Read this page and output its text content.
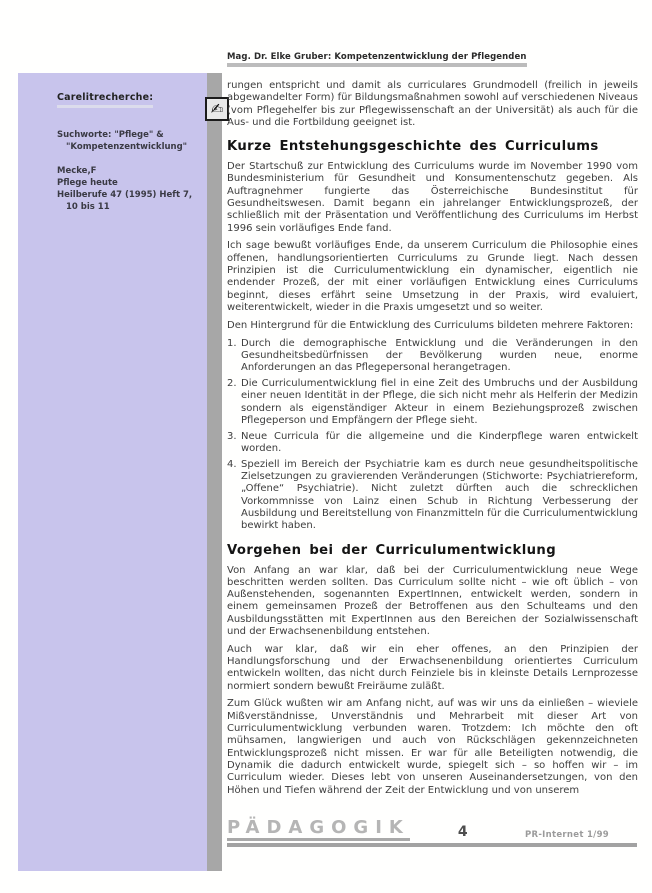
Carelitrecherche:
Suchworte: "Pflege" &
"Kompetenzentwicklung"
Mecke,F
Pflege heute
Heilberufe 47 (1995) Heft 7, 10 bis 11
✍
Mag. Dr. Elke Gruber: Kompetenzentwicklung der Pflegenden

rungen entspricht und damit als curriculares Grundmodell (freilich in jeweils abgewandelter Form) für Bildungsmaßnahmen sowohl auf verschiedenen Niveaus (vom Pflegehelfer bis zur Pflegewissenschaft an der Universität) als auch für die Aus- und die Fortbildung geeignet ist.

Kurze Entstehungsgeschichte des Curriculums

Der Startschuß zur Entwicklung des Curriculums wurde im November 1990 vom Bundesministerium für Gesundheit und Konsumentenschutz gegeben. Als Auftragnehmer fungierte das Österreichische Bundesinstitut für Gesundheitswesen. Damit begann ein jahrelanger Entwicklungsprozeß, der schließlich mit der Präsentation und Veröffentlichung des Curriculums im Herbst 1996 sein vorläufiges Ende fand.

Ich sage bewußt vorläufiges Ende, da unserem Curriculum die Philosophie eines offenen, handlungsorientierten Curriculums zu Grunde liegt. Nach dessen Prinzipien ist die Curriculumentwicklung ein dynamischer, eigentlich nie endender Prozeß, der mit einer vorläufigen Entwicklung eines Curriculums beginnt, dieses erfährt seine Umsetzung in der Praxis, wird evaluiert, weiterentwickelt, wieder in die Praxis umgesetzt und so weiter.

Den Hintergrund für die Entwicklung des Curriculums bildeten mehrere Faktoren:

1. Durch die demographische Entwicklung und die Veränderungen in den Gesundheitsbedürfnissen der Bevölkerung wurden neue, enorme Anforderungen an das Pflegepersonal herangetragen.
2. Die Curriculumentwicklung fiel in eine Zeit des Umbruchs und der Ausbildung einer neuen Identität in der Pflege, die sich nicht mehr als Helferin der Medizin sondern als eigenständiger Akteur in einem Beziehungsprozeß zwischen Pflegeperson und Empfängern der Pflege sieht.
3. Neue Curricula für die allgemeine und die Kinderpflege waren entwickelt worden.
4. Speziell im Bereich der Psychiatrie kam es durch neue gesundheitspolitische Zielsetzungen zu gravierenden Veränderungen (Stichworte: Psychiatriereform, „Offene“ Psychiatrie). Nicht zuletzt dürften auch die schrecklichen Vorkommnisse von Lainz einen Schub in Richtung Verbesserung der Ausbildung und Bereitstellung von Finanzmitteln für die Curriculumentwicklung bewirkt haben.
Vorgehen bei der Curriculumentwicklung

Von Anfang an war klar, daß bei der Curriculumentwicklung neue Wege beschritten werden sollten. Das Curriculum sollte nicht – wie oft üblich – von Außenstehenden, sogenannten ExpertInnen, entwickelt werden, sondern in einem gemeinsamen Prozeß der Betroffenen aus den Schulteams und den Ausbildungsstätten mit ExpertInnen aus den Bereichen der Sozialwissenschaft und der Erwachsenenbildung entstehen.

Auch war klar, daß wir ein eher offenes, an den Prinzipien der Handlungsforschung und der Erwachsenenbildung orientiertes Curriculum entwickeln wollten, das nicht durch Feinziele bis in kleinste Details Lernprozesse normiert sondern bewußt Freiräume zuläßt.

Zum Glück wußten wir am Anfang nicht, auf was wir uns da einließen – wieviele Mißverständnisse, Unverständnis und Mehrarbeit mit dieser Art von Curriculumentwicklung verbunden waren. Trotzdem: Ich möchte den oft mühsamen, langwierigen und auch von Rückschlägen gekennzeichneten Entwicklungsprozeß nicht missen. Er war für alle Beteiligten notwendig, die Dynamik die dadurch entwickelt wurde, spiegelt sich – so hoffen wir – im Curriculum wieder. Dieses lebt von unseren Auseinandersetzungen, von den Höhen und Tiefen während der Zeit der Entwicklung und von unserem

PÄDAGOGIK	4	PR-Internet 1/99
